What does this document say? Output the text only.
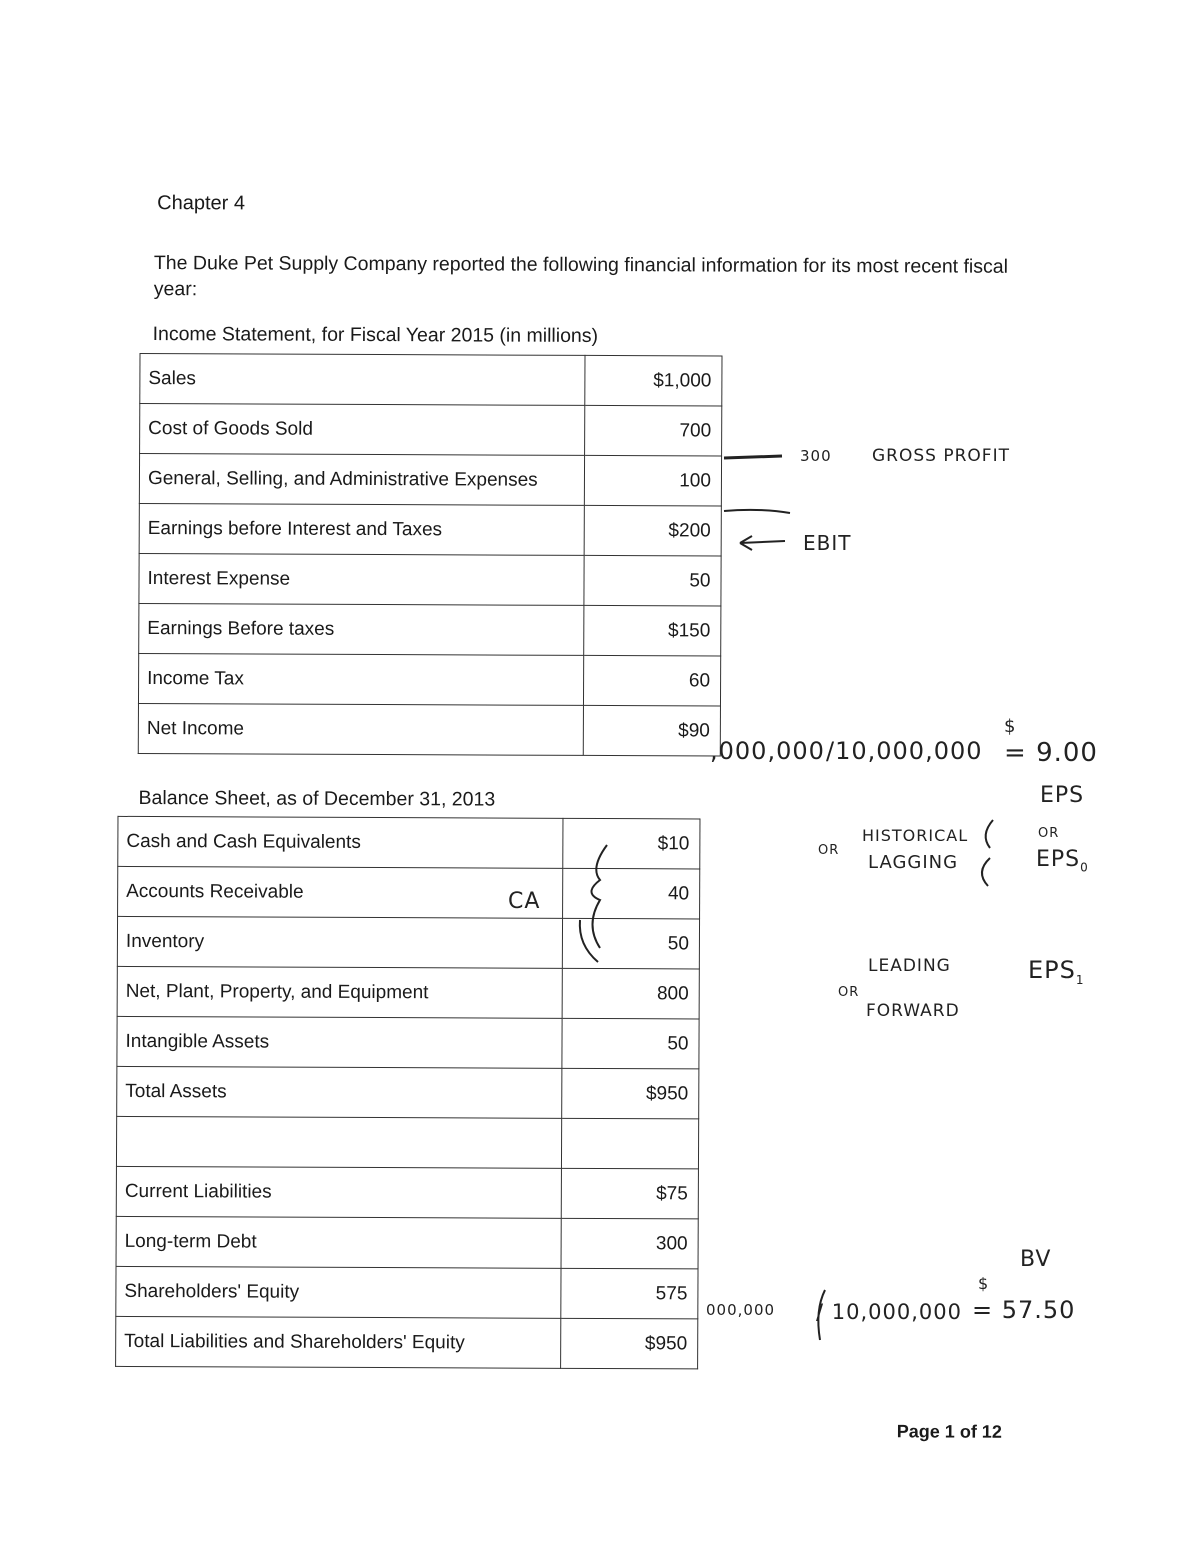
Chapter 4
The Duke Pet Supply Company reported the following financial information for its most recent fiscal year:
Income Statement, for Fiscal Year 2015 (in millions)
Sales	$1,000
Cost of Goods Sold	700
General, Selling, and Administrative Expenses	100
Earnings before Interest and Taxes	$200
Interest Expense	50
Earnings Before taxes	$150
Income Tax	60
Net Income	$90
Balance Sheet, as of December 31, 2013
Cash and Cash Equivalents	$10
Accounts Receivable	40
Inventory	50
Net, Plant, Property, and Equipment	800
Intangible Assets	50
Total Assets	$950

Current Liabilities	$75
Long-term Debt	300
Shareholders' Equity	575
Total Liabilities and Shareholders' Equity	$950
Page 1 of 12
300 GROSS PROFIT
EBIT
,000,000 /10,000,000
$
= 9.00
EPS
OR
HISTORICAL
LAGGING
OR
$EPS_0$
CA
LEADING
OR
FORWARD
$EPS_1$
BV
$
000,000 / 10,000,000 = 57.50
